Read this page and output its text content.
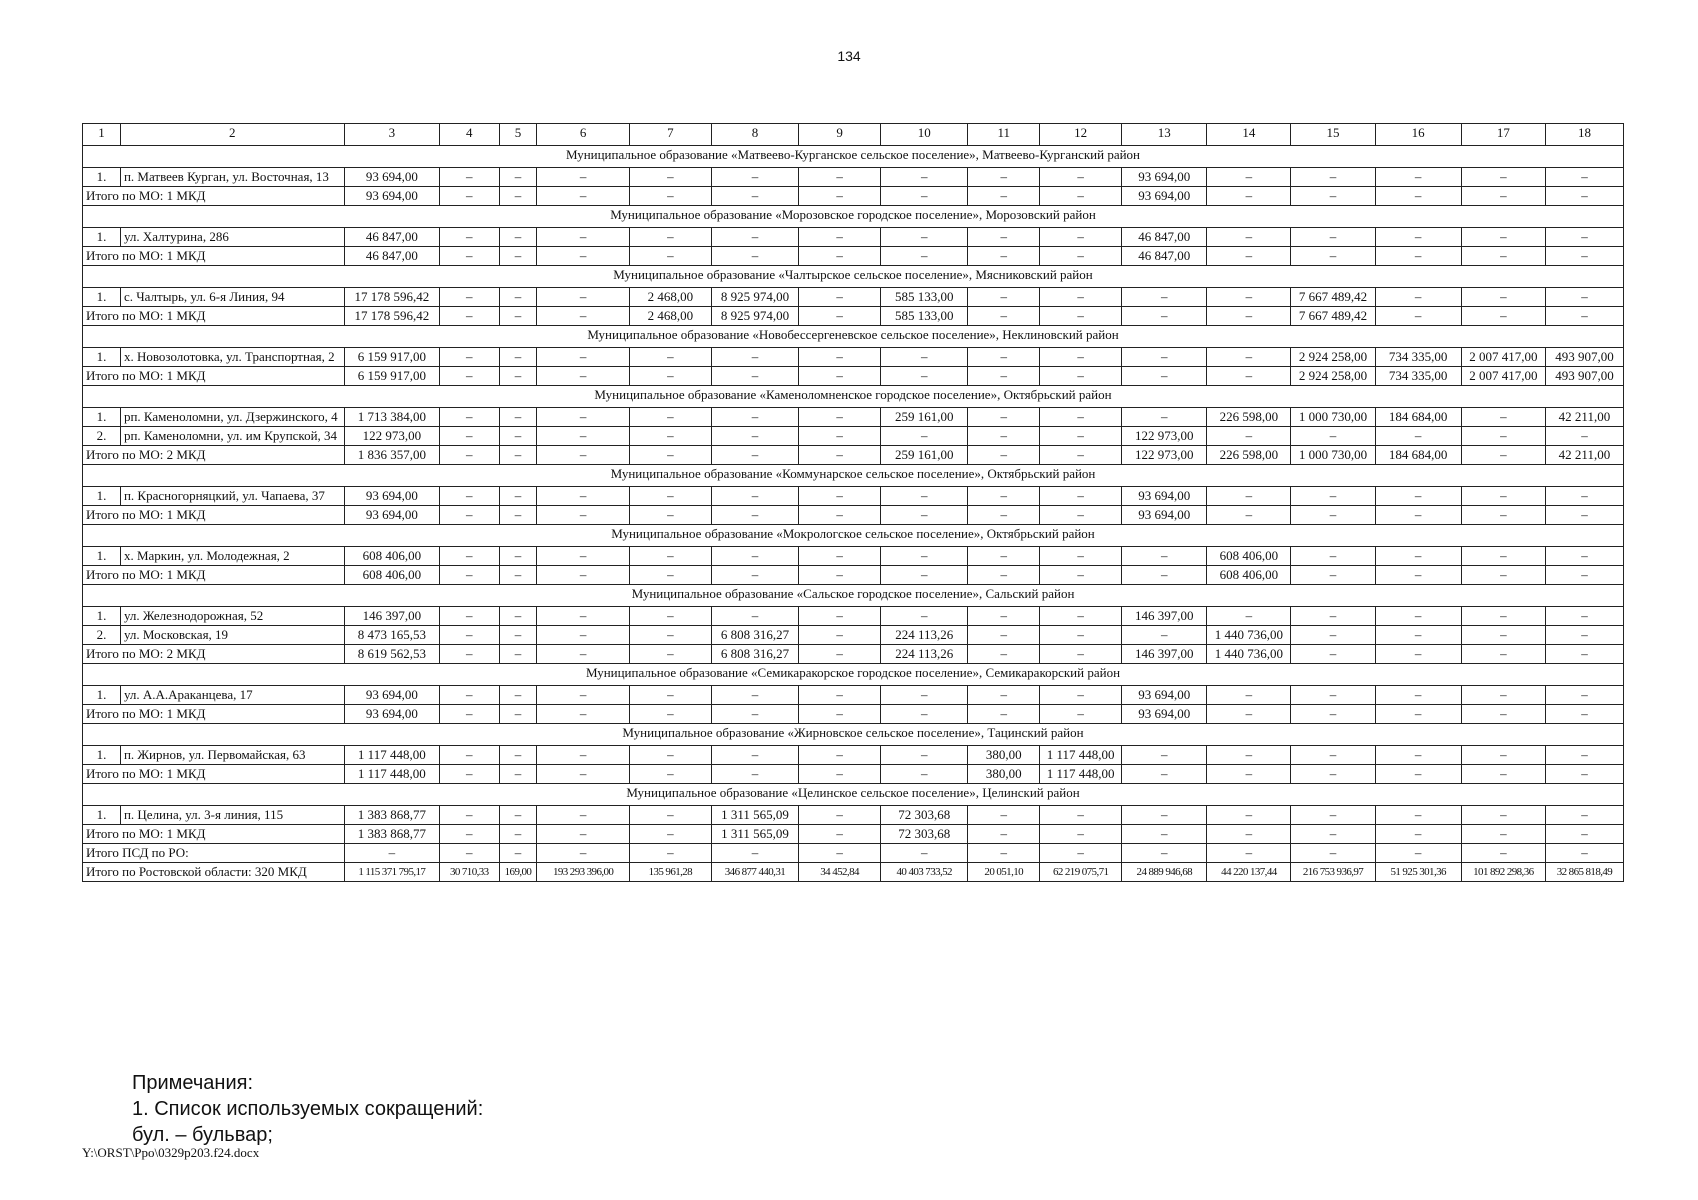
134
1	2	3	4	5	6	7	8	9	10	11	12	13	14	15	16	17	18
Муниципальное образование «Матвеево-Курганское сельское поселение», Матвеево-Курганский район																	
1.	п. Матвеев Курган, ул. Восточная, 13	93 694,00	–	–	–	–	–	–	–	–	–	93 694,00	–	–	–	–	–
Итого по МО: 1 МКД		93 694,00	–	–	–	–	–	–	–	–	–	93 694,00	–	–	–	–	–
Муниципальное образование «Морозовское городское поселение», Морозовский район																	
1.	ул. Халтурина, 286	46 847,00	–	–	–	–	–	–	–	–	–	46 847,00	–	–	–	–	–
Итого по МО: 1 МКД		46 847,00	–	–	–	–	–	–	–	–	–	46 847,00	–	–	–	–	–
Муниципальное образование «Чалтырское сельское поселение», Мясниковский район																	
1.	с. Чалтырь, ул. 6-я Линия, 94	17 178 596,42	–	–	–	2 468,00	8 925 974,00	–	585 133,00	–	–	–	–	7 667 489,42	–	–	–
Итого по МО: 1 МКД		17 178 596,42	–	–	–	2 468,00	8 925 974,00	–	585 133,00	–	–	–	–	7 667 489,42	–	–	–
Муниципальное образование «Новобессергеневское сельское поселение», Неклиновский район																	
1.	х. Новозолотовка, ул. Транспортная, 2	6 159 917,00	–	–	–	–	–	–	–	–	–	–	–	2 924 258,00	734 335,00	2 007 417,00	493 907,00
Итого по МО: 1 МКД		6 159 917,00	–	–	–	–	–	–	–	–	–	–	–	2 924 258,00	734 335,00	2 007 417,00	493 907,00
Муниципальное образование «Каменоломненское городское поселение», Октябрьский район																	
1.	рп. Каменоломни, ул. Дзержинского, 4	1 713 384,00	–	–	–	–	–	–	259 161,00	–	–	–	226 598,00	1 000 730,00	184 684,00	–	42 211,00
2.	рп. Каменоломни, ул. им Крупской, 34	122 973,00	–	–	–	–	–	–	–	–	–	122 973,00	–	–	–	–	–
Итого по МО: 2 МКД		1 836 357,00	–	–	–	–	–	–	259 161,00	–	–	122 973,00	226 598,00	1 000 730,00	184 684,00	–	42 211,00
Муниципальное образование «Коммунарское сельское поселение», Октябрьский район																	
1.	п. Красногорняцкий, ул. Чапаева, 37	93 694,00	–	–	–	–	–	–	–	–	–	93 694,00	–	–	–	–	–
Итого по МО: 1 МКД		93 694,00	–	–	–	–	–	–	–	–	–	93 694,00	–	–	–	–	–
Муниципальное образование «Мокрологское сельское поселение», Октябрьский район																	
1.	х. Маркин, ул. Молодежная, 2	608 406,00	–	–	–	–	–	–	–	–	–	–	608 406,00	–	–	–	–
Итого по МО: 1 МКД		608 406,00	–	–	–	–	–	–	–	–	–	–	608 406,00	–	–	–	–
Муниципальное образование «Сальское городское поселение», Сальский район																	
1.	ул. Железнодорожная, 52	146 397,00	–	–	–	–	–	–	–	–	–	146 397,00	–	–	–	–	–
2.	ул. Московская, 19	8 473 165,53	–	–	–	–	6 808 316,27	–	224 113,26	–	–	–	1 440 736,00	–	–	–	–
Итого по МО: 2 МКД		8 619 562,53	–	–	–	–	6 808 316,27	–	224 113,26	–	–	146 397,00	1 440 736,00	–	–	–	–
Муниципальное образование «Семикаракорское городское поселение», Семикаракорский район																	
1.	ул. А.А.Араканцева, 17	93 694,00	–	–	–	–	–	–	–	–	–	93 694,00	–	–	–	–	–
Итого по МО: 1 МКД		93 694,00	–	–	–	–	–	–	–	–	–	93 694,00	–	–	–	–	–
Муниципальное образование «Жирновское сельское поселение», Тацинский район																	
1.	п. Жирнов, ул. Первомайская, 63	1 117 448,00	–	–	–	–	–	–	–	380,00	1 117 448,00	–	–	–	–	–	–
Итого по МО: 1 МКД		1 117 448,00	–	–	–	–	–	–	–	380,00	1 117 448,00	–	–	–	–	–	–
Муниципальное образование «Целинское сельское поселение», Целинский район																	
1.	п. Целина, ул. 3-я линия, 115	1 383 868,77	–	–	–	–	1 311 565,09	–	72 303,68	–	–	–	–	–	–	–	–
Итого по МО: 1 МКД		1 383 868,77	–	–	–	–	1 311 565,09	–	72 303,68	–	–	–	–	–	–	–	–
Итого ПСД по РО:		–	–	–	–	–	–	–	–	–	–	–	–	–	–	–	–
Итого по Ростовской области: 320 МКД		1 115 371 795,17	30 710,33	169,00	193 293 396,00	135 961,28	346 877 440,31	34 452,84	40 403 733,52	20 051,10	62 219 075,71	24 889 946,68	44 220 137,44	216 753 936,97	51 925 301,36	101 892 298,36	32 865 818,49
Примечания:
1. Список используемых сокращений:
бул. – бульвар;
Y:\ORST\Ppo\0329p203.f24.docx
